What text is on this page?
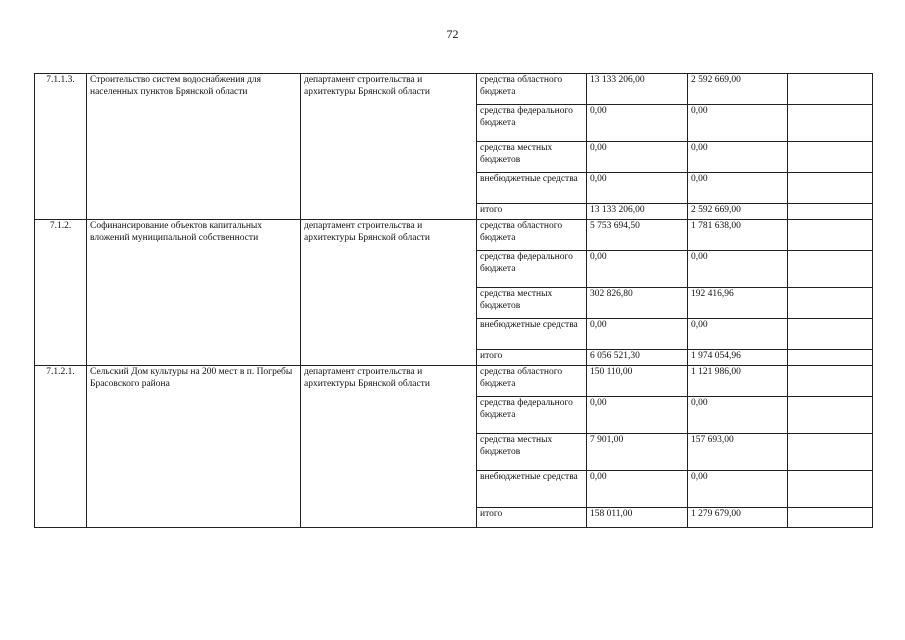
72
7.1.1.3.	Строительство систем водоснабжения для населенных пунктов Брянской области	департамент строительства и архитектуры Брянской области	средства областного бюджета	13 133 206,00	2 592 669,00	
			средства федерального бюджета	0,00	0,00	
			средства местных бюджетов	0,00	0,00	
			внебюджетные средства	0,00	0,00	
			итого	13 133 206,00	2 592 669,00	
7.1.2.	Софинансирование объектов капитальных вложений муниципальной собственности	департамент строительства и архитектуры Брянской области	средства областного бюджета	5 753 694,50	1 781 638,00	
			средства федерального бюджета	0,00	0,00	
			средства местных бюджетов	302 826,80	192 416,96	
			внебюджетные средства	0,00	0,00	
			итого	6 056 521,30	1 974 054,96	
7.1.2.1.	Сельский Дом культуры на 200 мест в п. Погребы Брасовского района	департамент строительства и архитектуры Брянской области	средства областного бюджета	150 110,00	1 121 986,00	
			средства федерального бюджета	0,00	0,00	
			средства местных бюджетов	7 901,00	157 693,00	
			внебюджетные средства	0,00	0,00	
			итого	158 011,00	1 279 679,00	
